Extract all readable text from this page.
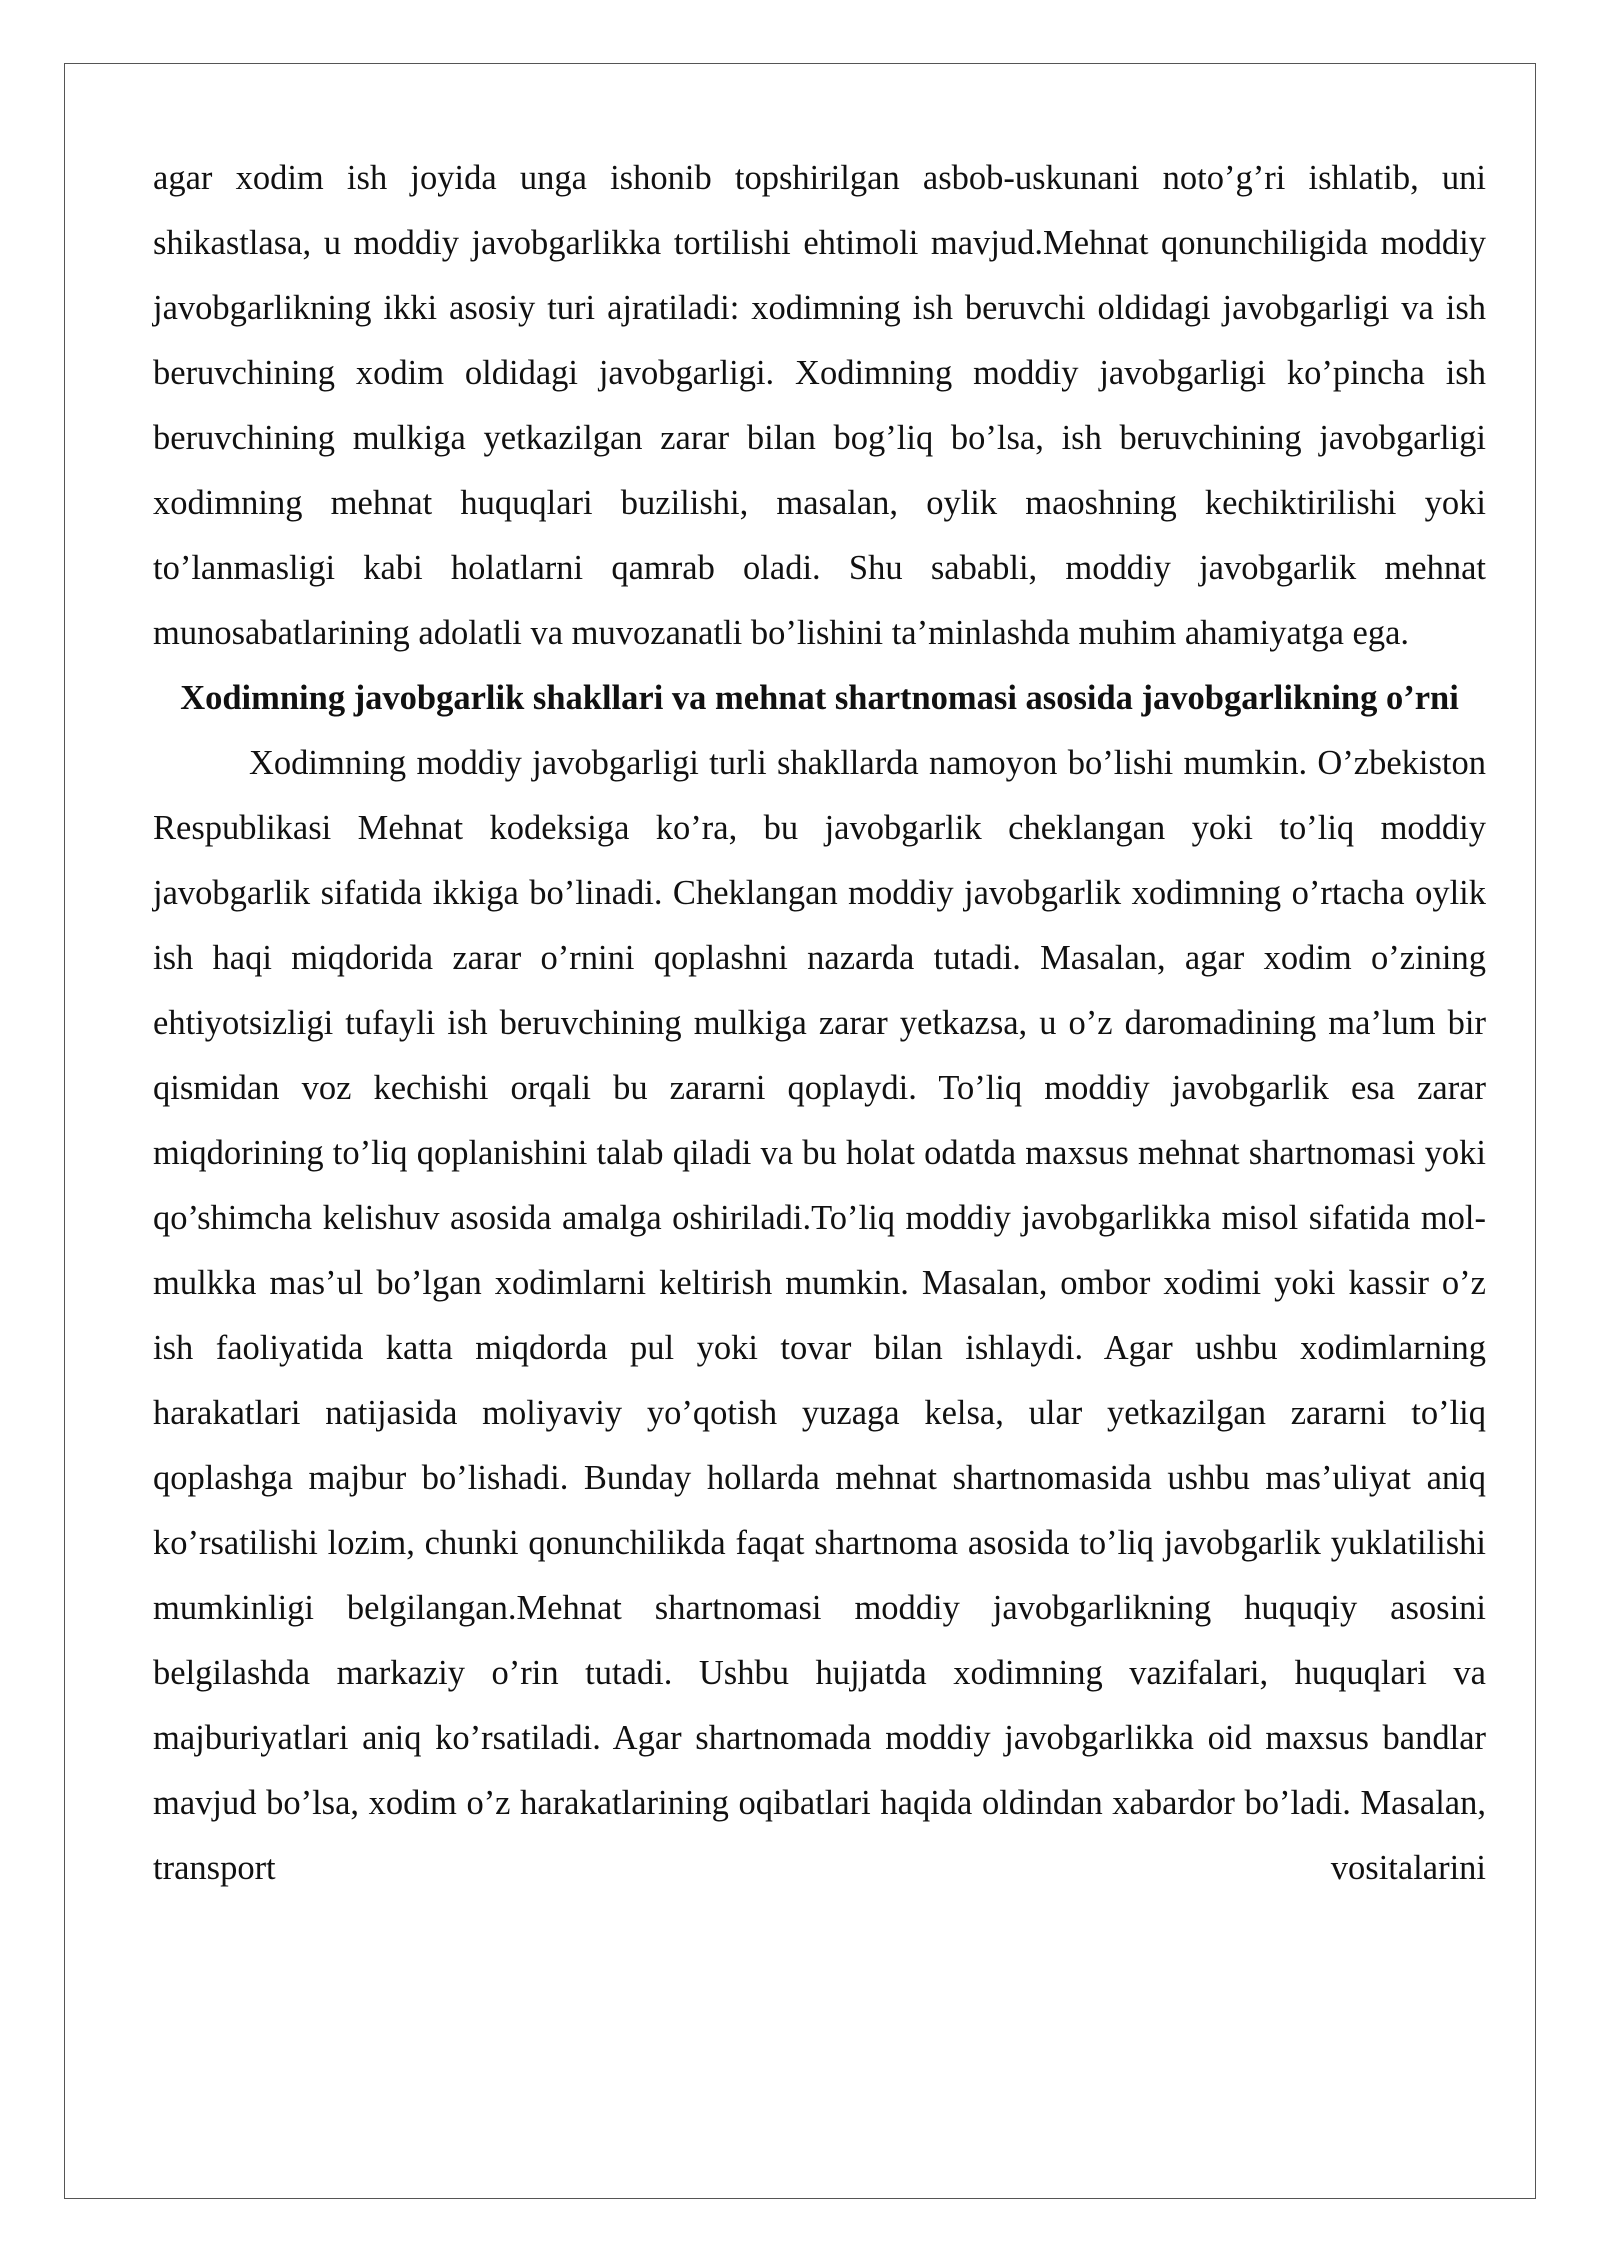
agar xodim ish joyida unga ishonib topshirilgan asbob-uskunani noto’g’ri ishlatib, uni shikastlasa, u moddiy javobgarlikka tortilishi ehtimoli mavjud.Mehnat qonunchiligida moddiy javobgarlikning ikki asosiy turi ajratiladi: xodimning ish beruvchi oldidagi javobgarligi va ish beruvchining xodim oldidagi javobgarligi. Xodimning moddiy javobgarligi ko’pincha ish beruvchining mulkiga yetkazilgan zarar bilan bog’liq bo’lsa, ish beruvchining javobgarligi xodimning mehnat huquqlari buzilishi, masalan, oylik maoshning kechiktirilishi yoki to’lanmasligi kabi holatlarni qamrab oladi. Shu sababli, moddiy javobgarlik mehnat munosabatlarining adolatli va muvozanatli bo’lishini ta’minlashda muhim ahamiyatga ega.

Xodimning javobgarlik shakllari va mehnat shartnomasi asosida javobgarlikning o’rni

Xodimning moddiy javobgarligi turli shakllarda namoyon bo’lishi mumkin. O’zbekiston Respublikasi Mehnat kodeksiga ko’ra, bu javobgarlik cheklangan yoki to’liq moddiy javobgarlik sifatida ikkiga bo’linadi. Cheklangan moddiy javobgarlik xodimning o’rtacha oylik ish haqi miqdorida zarar o’rnini qoplashni nazarda tutadi. Masalan, agar xodim o’zining ehtiyotsizligi tufayli ish beruvchining mulkiga zarar yetkazsa, u o’z daromadining ma’lum bir qismidan voz kechishi orqali bu zararni qoplaydi. To’liq moddiy javobgarlik esa zarar miqdorining to’liq qoplanishini talab qiladi va bu holat odatda maxsus mehnat shartnomasi yoki qo’shimcha kelishuv asosida amalga oshiriladi.To’liq moddiy javobgarlikka misol sifatida mol-mulkka mas’ul bo’lgan xodimlarni keltirish mumkin. Masalan, ombor xodimi yoki kassir o’z ish faoliyatida katta miqdorda pul yoki tovar bilan ishlaydi. Agar ushbu xodimlarning harakatlari natijasida moliyaviy yo’qotish yuzaga kelsa, ular yetkazilgan zararni to’liq qoplashga majbur bo’lishadi. Bunday hollarda mehnat shartnomasida ushbu mas’uliyat aniq ko’rsatilishi lozim, chunki qonunchilikda faqat shartnoma asosida to’liq javobgarlik yuklatilishi mumkinligi belgilangan.Mehnat shartnomasi moddiy javobgarlikning huquqiy asosini belgilashda markaziy o’rin tutadi. Ushbu hujjatda xodimning vazifalari, huquqlari va majburiyatlari aniq ko’rsatiladi. Agar shartnomada moddiy javobgarlikka oid maxsus bandlar mavjud bo’lsa, xodim o’z harakatlarining oqibatlari haqida oldindan xabardor bo’ladi. Masalan, transport vositalarini
